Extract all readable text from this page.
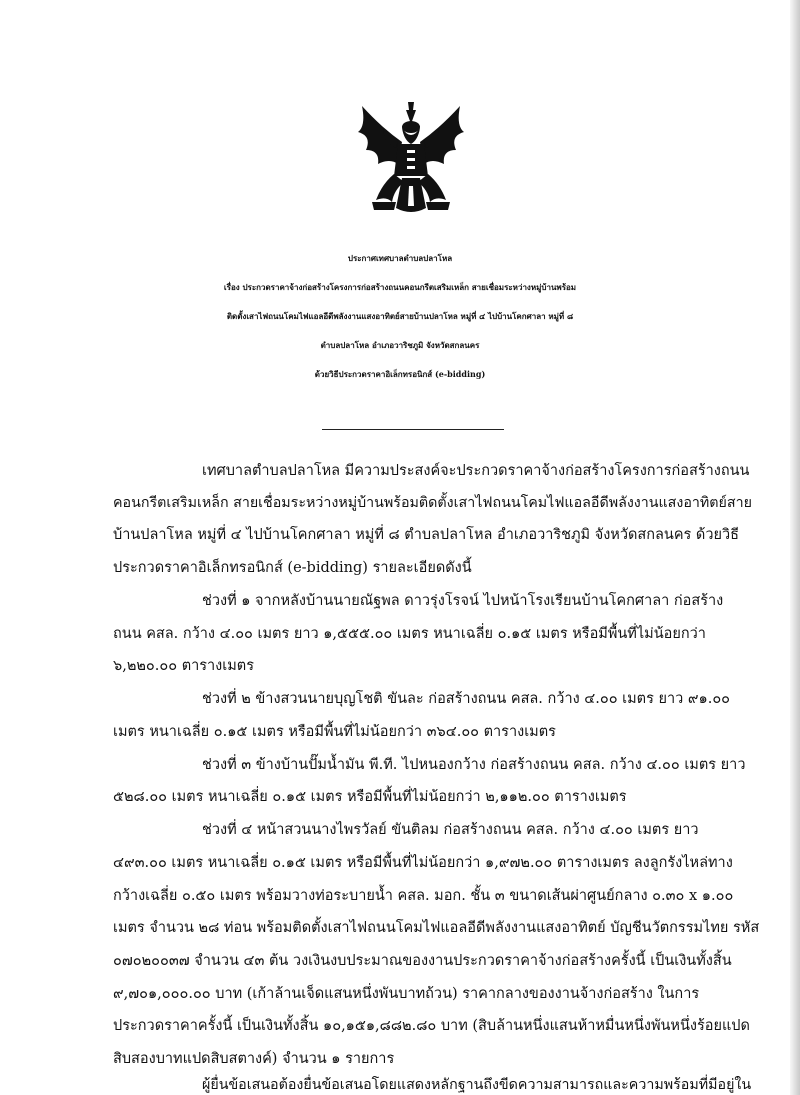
ประกาศเทศบาลตำบลปลาโหล
เรื่อง ประกวดราคาจ้างก่อสร้างโครงการก่อสร้างถนนคอนกรีตเสริมเหล็ก สายเชื่อมระหว่างหมู่บ้านพร้อม
ติดตั้งเสาไฟถนนโคมไฟแอลอีดีพลังงานแสงอาทิตย์สายบ้านปลาโหล หมู่ที่ ๔ ไปบ้านโคกศาลา หมู่ที่ ๘
ตำบลปลาโหล อำเภอวาริชภูมิ จังหวัดสกลนคร
ด้วยวิธีประกวดราคาอิเล็กทรอนิกส์ (e-bidding)
เทศบาลตำบลปลาโหล มีความประสงค์จะประกวดราคาจ้างก่อสร้างโครงการก่อสร้างถนน
คอนกรีตเสริมเหล็ก สายเชื่อมระหว่างหมู่บ้านพร้อมติดตั้งเสาไฟถนนโคมไฟแอลอีดีพลังงานแสงอาทิตย์สาย
บ้านปลาโหล หมู่ที่ ๔ ไปบ้านโคกศาลา หมู่ที่ ๘ ตำบลปลาโหล อำเภอวาริชภูมิ จังหวัดสกลนคร ด้วยวิธี
ประกวดราคาอิเล็กทรอนิกส์ (e-bidding) รายละเอียดดังนี้
ช่วงที่ ๑ จากหลังบ้านนายณัฐพล ดาวรุ่งโรจน์ ไปหน้าโรงเรียนบ้านโคกศาลา ก่อสร้าง
ถนน คสล. กว้าง ๔.๐๐ เมตร ยาว ๑,๕๕๕.๐๐ เมตร หนาเฉลี่ย ๐.๑๕ เมตร หรือมีพื้นที่ไม่น้อยกว่า
๖,๒๒๐.๐๐ ตารางเมตร
ช่วงที่ ๒ ข้างสวนนายบุญโชติ ขันละ ก่อสร้างถนน คสล. กว้าง ๔.๐๐ เมตร ยาว ๙๑.๐๐
เมตร หนาเฉลี่ย ๐.๑๕ เมตร หรือมีพื้นที่ไม่น้อยกว่า ๓๖๔.๐๐ ตารางเมตร
ช่วงที่ ๓ ข้างบ้านปั๊มน้ำมัน พี.ที. ไปหนองกว้าง ก่อสร้างถนน คสล. กว้าง ๔.๐๐ เมตร ยาว
๕๒๘.๐๐ เมตร หนาเฉลี่ย ๐.๑๕ เมตร หรือมีพื้นที่ไม่น้อยกว่า ๒,๑๑๒.๐๐ ตารางเมตร
ช่วงที่ ๔ หน้าสวนนางไพรวัลย์ ขันติลม ก่อสร้างถนน คสล. กว้าง ๔.๐๐ เมตร ยาว
๔๙๓.๐๐ เมตร หนาเฉลี่ย ๐.๑๕ เมตร หรือมีพื้นที่ไม่น้อยกว่า ๑,๙๗๒.๐๐ ตารางเมตร ลงลูกรังไหล่ทาง
กว้างเฉลี่ย ๐.๕๐ เมตร พร้อมวางท่อระบายน้ำ คสล. มอก. ชั้น ๓ ขนาดเส้นผ่าศูนย์กลาง ๐.๓๐ x ๑.๐๐
เมตร จำนวน ๒๘ ท่อน พร้อมติดตั้งเสาไฟถนนโคมไฟแอลอีดีพลังงานแสงอาทิตย์ บัญชีนวัตกรรมไทย รหัส
๐๗๐๒๐๐๓๗ จำนวน ๔๓ ต้น วงเงินงบประมาณของงานประกวดราคาจ้างก่อสร้างครั้งนี้ เป็นเงินทั้งสิ้น
๙,๗๐๑,๐๐๐.๐๐ บาท (เก้าล้านเจ็ดแสนหนึ่งพันบาทถ้วน) ราคากลางของงานจ้างก่อสร้าง ในการ
ประกวดราคาครั้งนี้ เป็นเงินทั้งสิ้น ๑๐,๑๕๑,๘๘๒.๘๐ บาท (สิบล้านหนึ่งแสนห้าหมื่นหนึ่งพันหนึ่งร้อยแปด
สิบสองบาทแปดสิบสตางค์) จำนวน ๑ รายการ
ผู้ยื่นข้อเสนอต้องยื่นข้อเสนอโดยแสดงหลักฐานถึงขีดความสามารถและความพร้อมที่มีอยู่ใน
